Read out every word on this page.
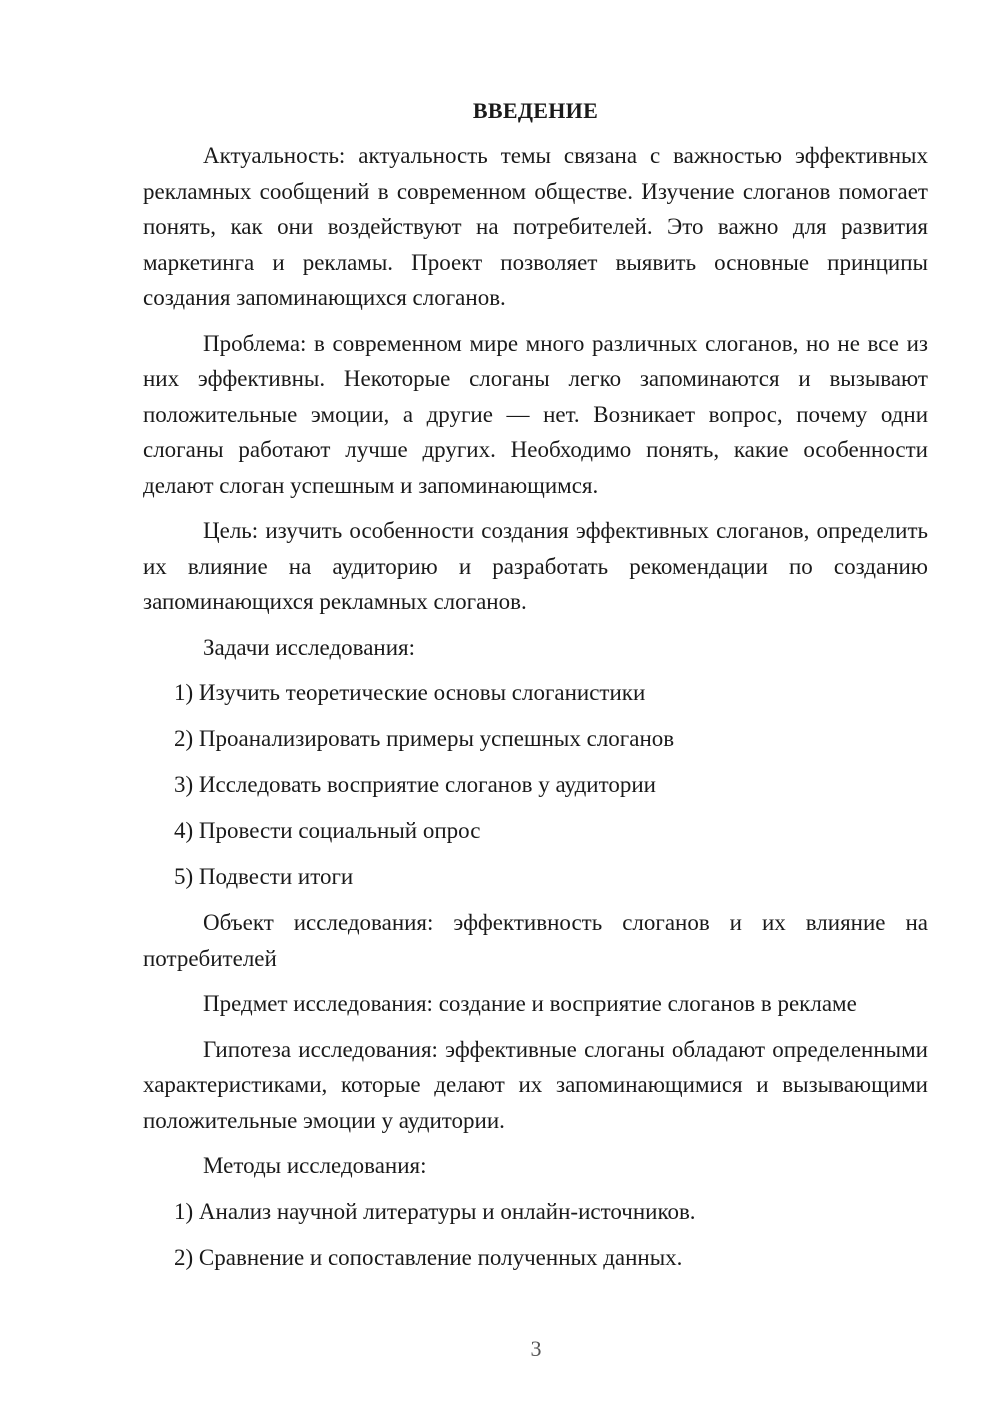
ВВЕДЕНИЕ

Актуальность: актуальность темы связана с важностью эффективных рекламных сообщений в современном обществе. Изучение слоганов помогает понять, как они воздействуют на потребителей. Это важно для развития маркетинга и рекламы. Проект позволяет выявить основные принципы создания запоминающихся слоганов.

Проблема: в современном мире много различных слоганов, но не все из них эффективны. Некоторые слоганы легко запоминаются и вызывают положительные эмоции, а другие — нет. Возникает вопрос, почему одни слоганы работают лучше других. Необходимо понять, какие особенности делают слоган успешным и запоминающимся.

Цель: изучить особенности создания эффективных слоганов, определить их влияние на аудиторию и разработать рекомендации по созданию запоминающихся рекламных слоганов.

Задачи исследования:

1) Изучить теоретические основы слоганистики

2) Проанализировать примеры успешных слоганов

3) Исследовать восприятие слоганов у аудитории

4) Провести социальный опрос

5) Подвести итоги

Объект исследования: эффективность слоганов и их влияние на потребителей

Предмет исследования: создание и восприятие слоганов в рекламе

Гипотеза исследования: эффективные слоганы обладают определенными характеристиками, которые делают их запоминающимися и вызывающими положительные эмоции у аудитории.

Методы исследования:

1) Анализ научной литературы и онлайн-источников.

2) Сравнение и сопоставление полученных данных.

3
